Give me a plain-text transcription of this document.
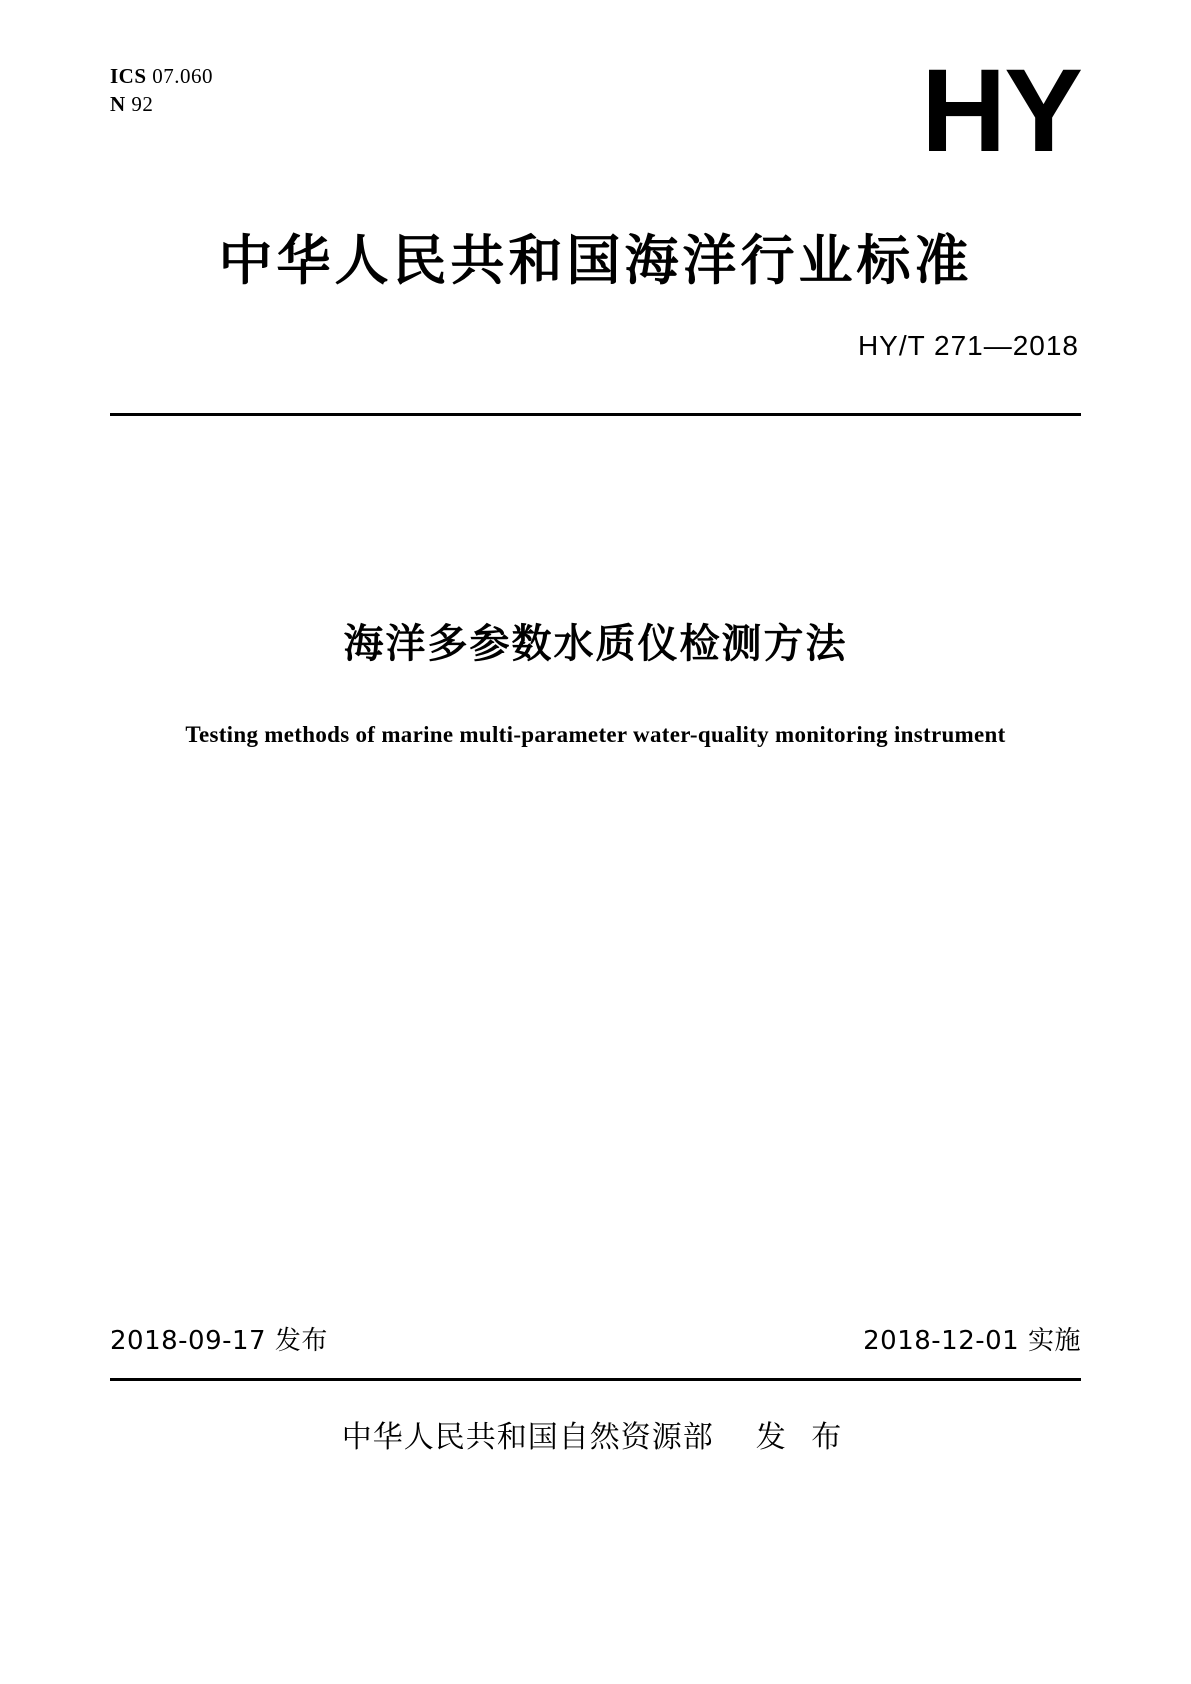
ICS 07.060
N 92	HY
中华人民共和国海洋行业标准
HY/T 271—2018
海洋多参数水质仪检测方法
Testing methods of marine multi-parameter water-quality monitoring instrument
2018-09-17 发布	2018-12-01 实施
中华人民共和国自然资源部 发 布
